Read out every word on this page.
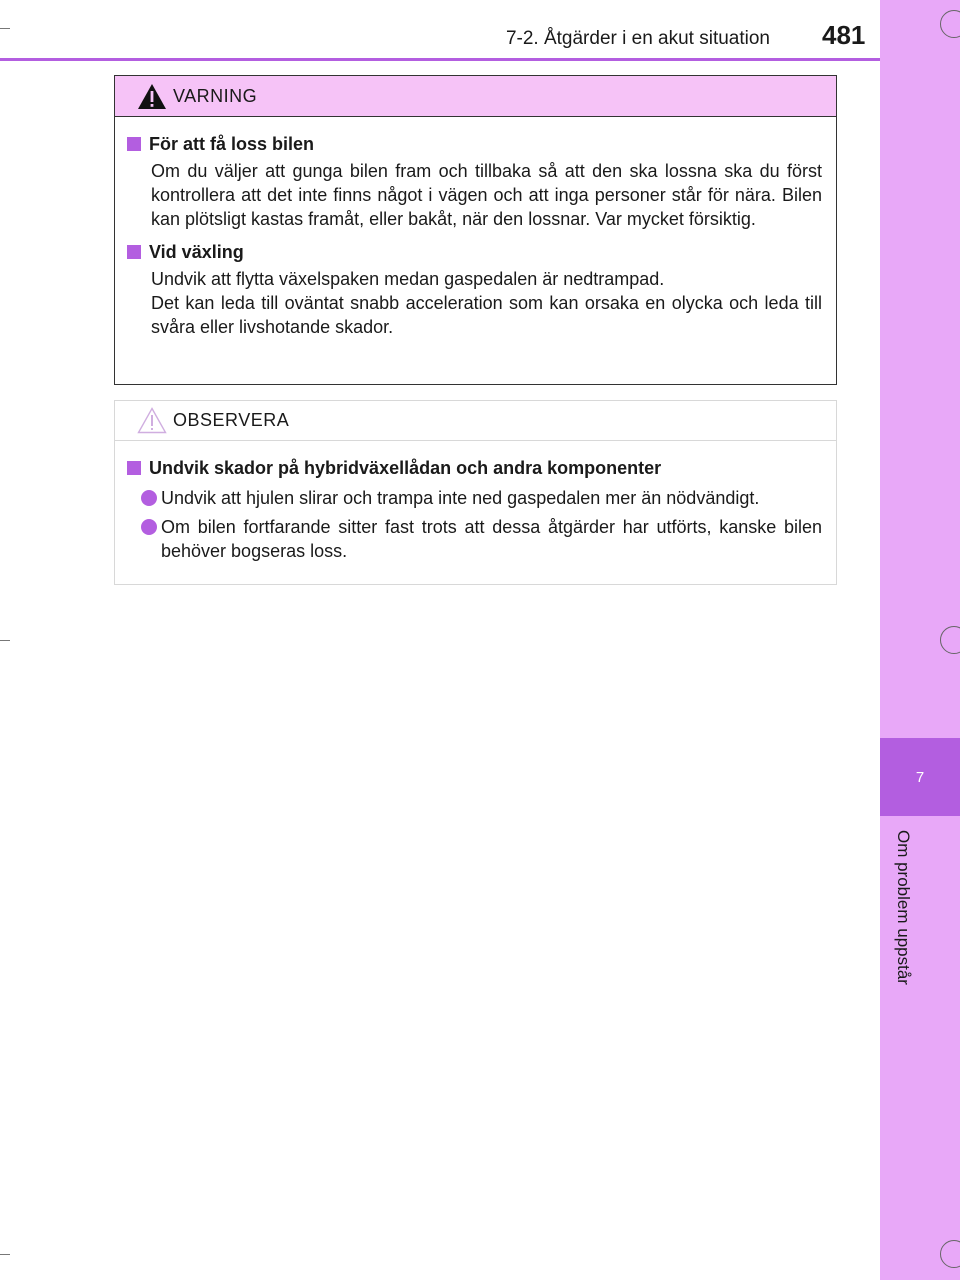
7
Om problem uppstår
7-2. Åtgärder i en akut situation 481
VARNING
För att få loss bilen
Om du väljer att gunga bilen fram och tillbaka så att den ska lossna ska du först kontrollera att det inte finns något i vägen och att inga personer står för nära. Bilen kan plötsligt kastas framåt, eller bakåt, när den lossnar. Var mycket försiktig.
Vid växling
Undvik att flytta växelspaken medan gaspedalen är nedtrampad.
Det kan leda till oväntat snabb acceleration som kan orsaka en olycka och leda till svåra eller livshotande skador.
OBSERVERA
Undvik skador på hybridväxellådan och andra komponenter
Undvik att hjulen slirar och trampa inte ned gaspedalen mer än nödvändigt.
Om bilen fortfarande sitter fast trots att dessa åtgärder har utförts, kanske bilen behöver bogseras loss.
